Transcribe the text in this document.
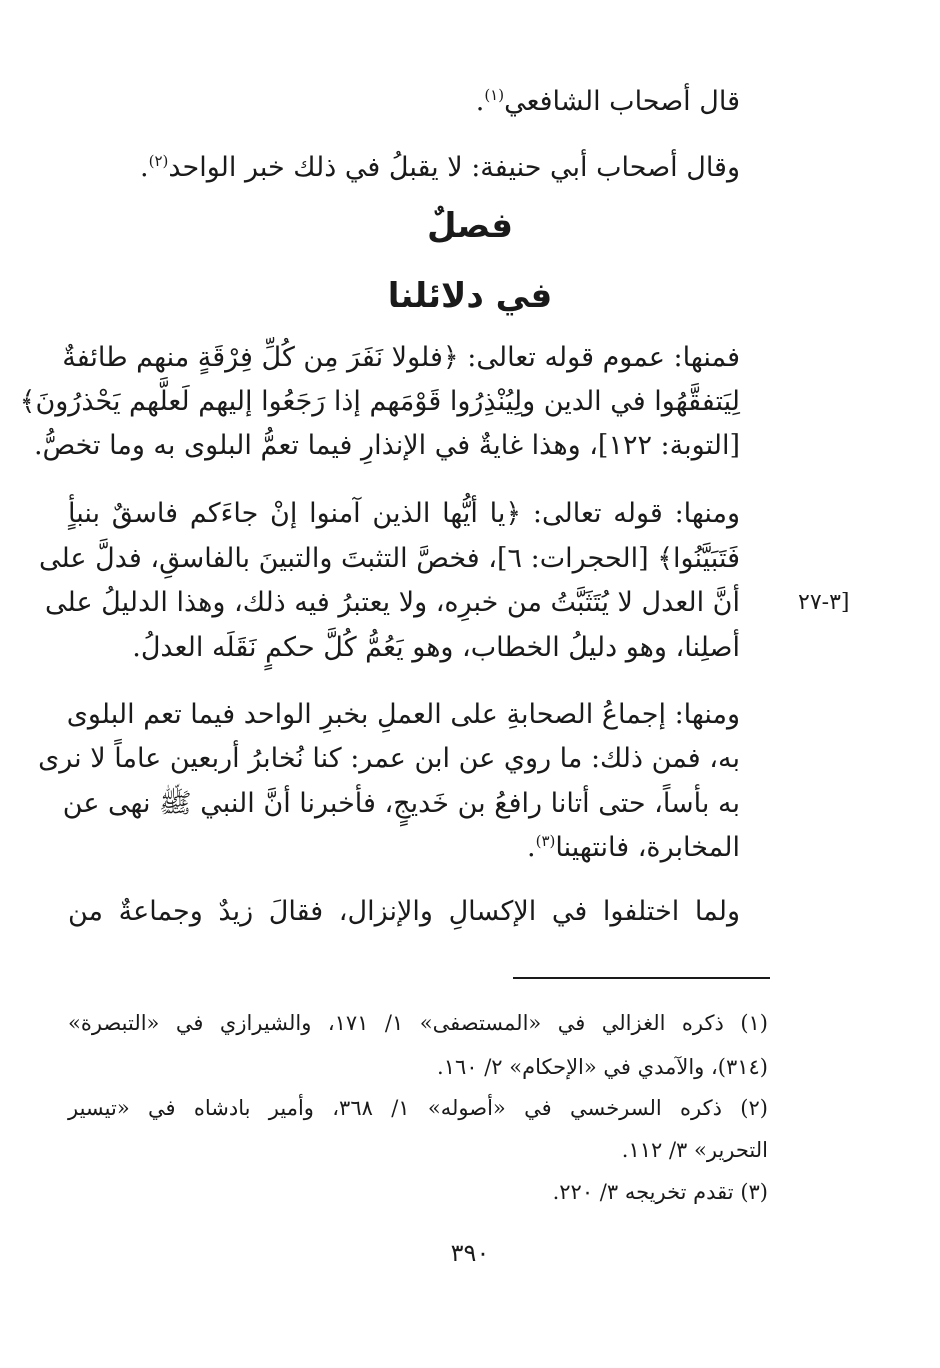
قال أصحاب الشافعي$^{(١)}$.
وقال أصحاب أبي حنيفة: لا يقبلُ في ذلك خبر الواحد$^{(٢)}$.
فصلٌ
في دلائلنا
فمنها: عموم قوله تعالى: ﴿فلولا نَفَرَ مِن كُلِّ فِرْقَةٍ منهم طائفةٌ
لِيَتفقَّهُوا في الدين ولِيُنْذِرُوا قَوْمَهم إذا رَجَعُوا إليهم لَعلَّهم يَحْذرُونَ﴾
[التوبة: ١٢٢]، وهذا غايةٌ في الإنذارِ فيما تعمُّ البلوى به وما تخصُّ.
ومنها: قوله تعالى: ﴿يا أيُّها الذين آمنوا إنْ جاءَكم فاسقٌ بنبأٍ
فَتَبَيَّنُوا﴾ [الحجرات: ٦]، فخصَّ التثبتَ والتبينَ بالفاسقِ، فدلَّ على
أنَّ العدل لا يُتَثَبَّتُ من خبرِه، ولا يعتبرُ فيه ذلك، وهذا الدليلُ على
أصلِنا، وهو دليلُ الخطاب، وهو يَعُمُّ كُلَّ حكمٍ نَقَلَه العدلُ.
[٣-٢٧
ومنها: إجماعُ الصحابةِ على العملِ بخبرِ الواحد فيما تعم البلوى
به، فمن ذلك: ما روي عن ابن عمر: كنا نُخابرُ أربعين عاماً لا نرى
به بأساً، حتى أتانا رافعُ بن خَديجٍ، فأخبرنا أنَّ النبي ﷺ نهى عن
المخابرة، فانتهينا$^{(٣)}$.
ولما اختلفوا في الإكسالِ والإنزال، فقالَ زيدٌ وجماعةٌ من
(١) ذكره الغزالي في «المستصفى» ١/ ١٧١، والشيرازي في «التبصرة»
(٣١٤)، والآمدي في «الإحكام» ٢/ ١٦٠.
(٢) ذكره السرخسي في «أصوله» ١/ ٣٦٨، وأمير بادشاه في «تيسير
التحرير» ٣/ ١١٢.
(٣) تقدم تخريجه ٣/ ٢٢٠.
٣٩٠
